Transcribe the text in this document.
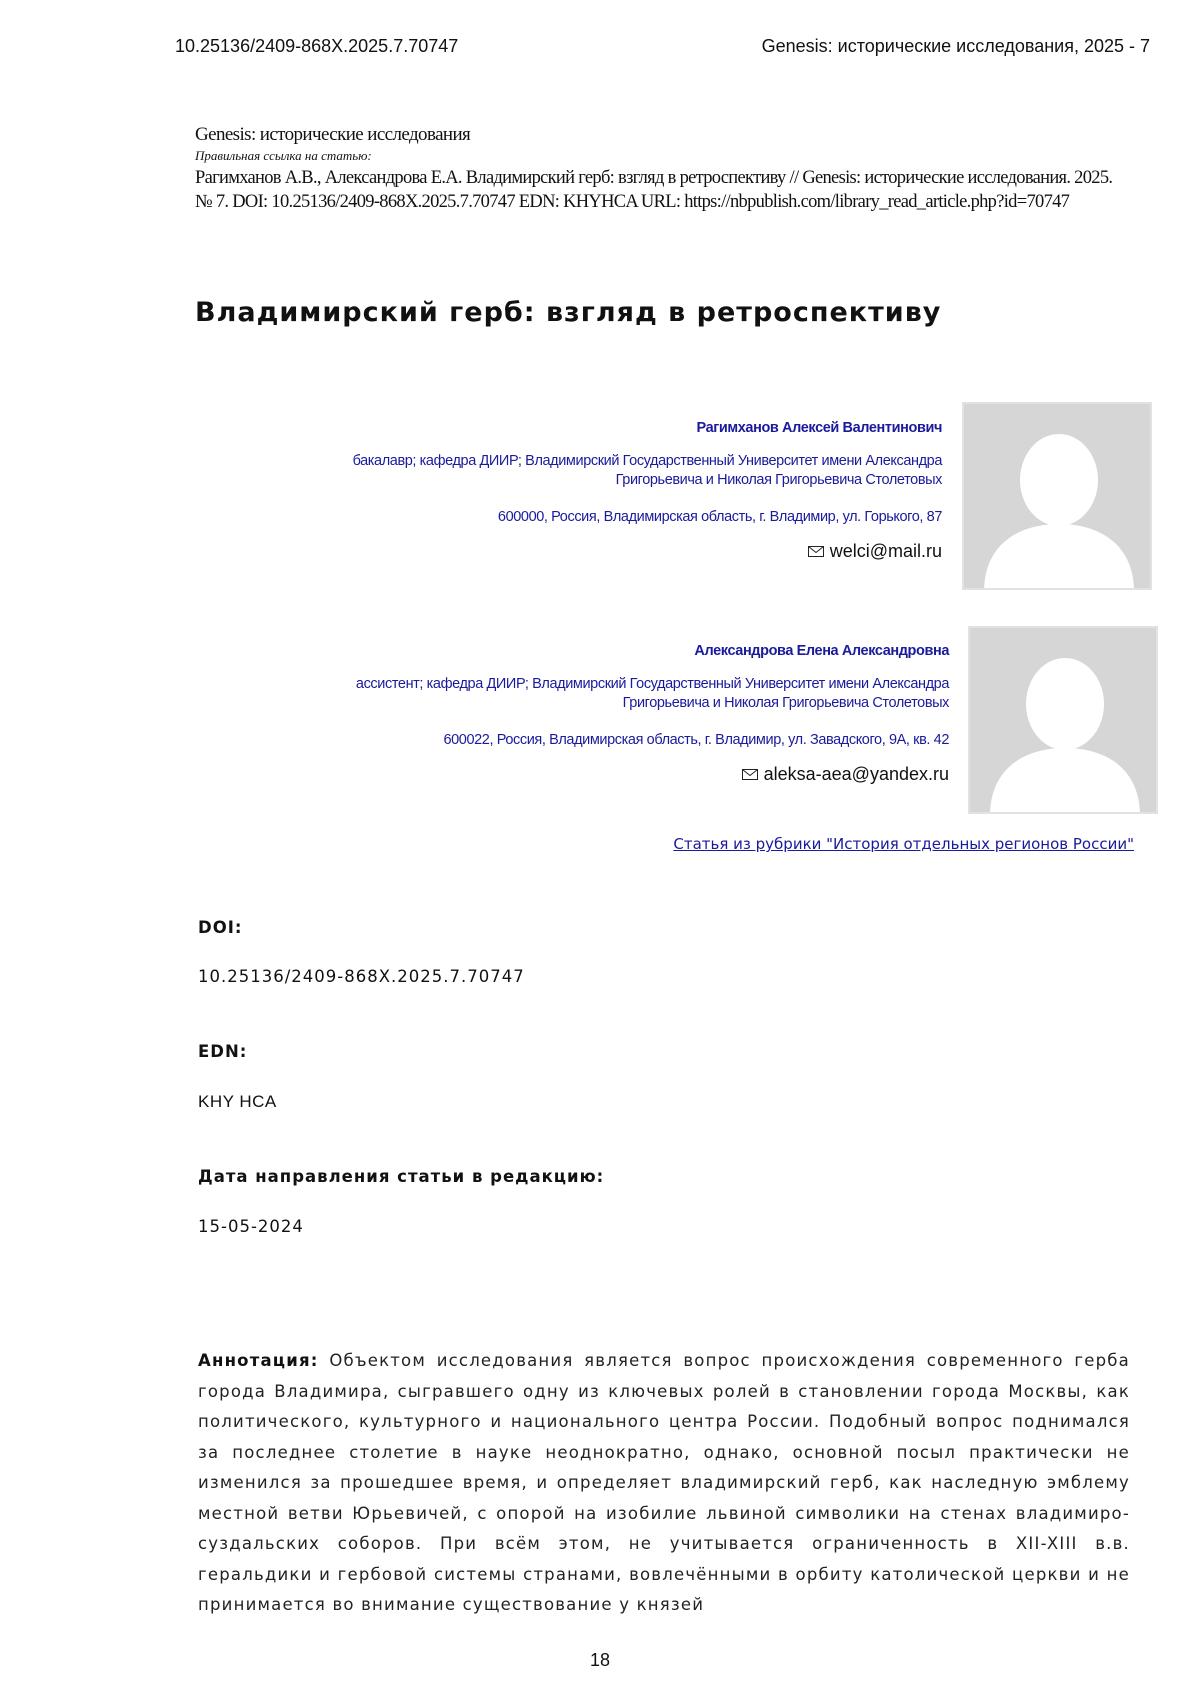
10.25136/2409-868X.2025.7.70747	Genesis: исторические исследования, 2025 - 7
Genesis: исторические исследования
Правильная ссылка на статью:
Рагимханов А.В., Александрова Е.А. Владимирский герб: взгляд в ретроспективу // Genesis: исторические исследования. 2025. № 7. DOI: 10.25136/2409-868X.2025.7.70747 EDN: KHYHCA URL: https://nbpublish.com/library_read_article.php?id=70747
Владимирский герб: взгляд в ретроспективу
Рагимханов Алексей Валентинович
бакалавр; кафедра ДИИР; Владимирский Государственный Университет имени Александра
Григорьевича и Николая Григорьевича Столетовых
600000, Россия, Владимирская область, г. Владимир, ул. Горького, 87
welci@mail.ru
Александрова Елена Александровна
ассистент; кафедра ДИИР; Владимирский Государственный Университет имени Александра
Григорьевича и Николая Григорьевича Столетовых
600022, Россия, Владимирская область, г. Владимир, ул. Завадского, 9А, кв. 42
aleksa-aea@yandex.ru
Статья из рубрики "История отдельных регионов России"
DOI:
10.25136/2409-868X.2025.7.70747
EDN:
KHY HCA
Дата направления статьи в редакцию:
15-05-2024
Аннотация: Объектом исследования является вопрос происхождения современного герба города Владимира, сыгравшего одну из ключевых ролей в становлении города Москвы, как политического, культурного и национального центра России. Подобный вопрос поднимался за последнее столетие в науке неоднократно, однако, основной посыл практически не изменился за прошедшее время, и определяет владимирский герб, как наследную эмблему местной ветви Юрьевичей, с опорой на изобилие львиной символики на стенах владимиро-суздальских соборов. При всём этом, не учитывается ограниченность в XII-XIII в.в. геральдики и гербовой системы странами, вовлечёнными в орбиту католической церкви и не принимается во внимание существование у князей
18
